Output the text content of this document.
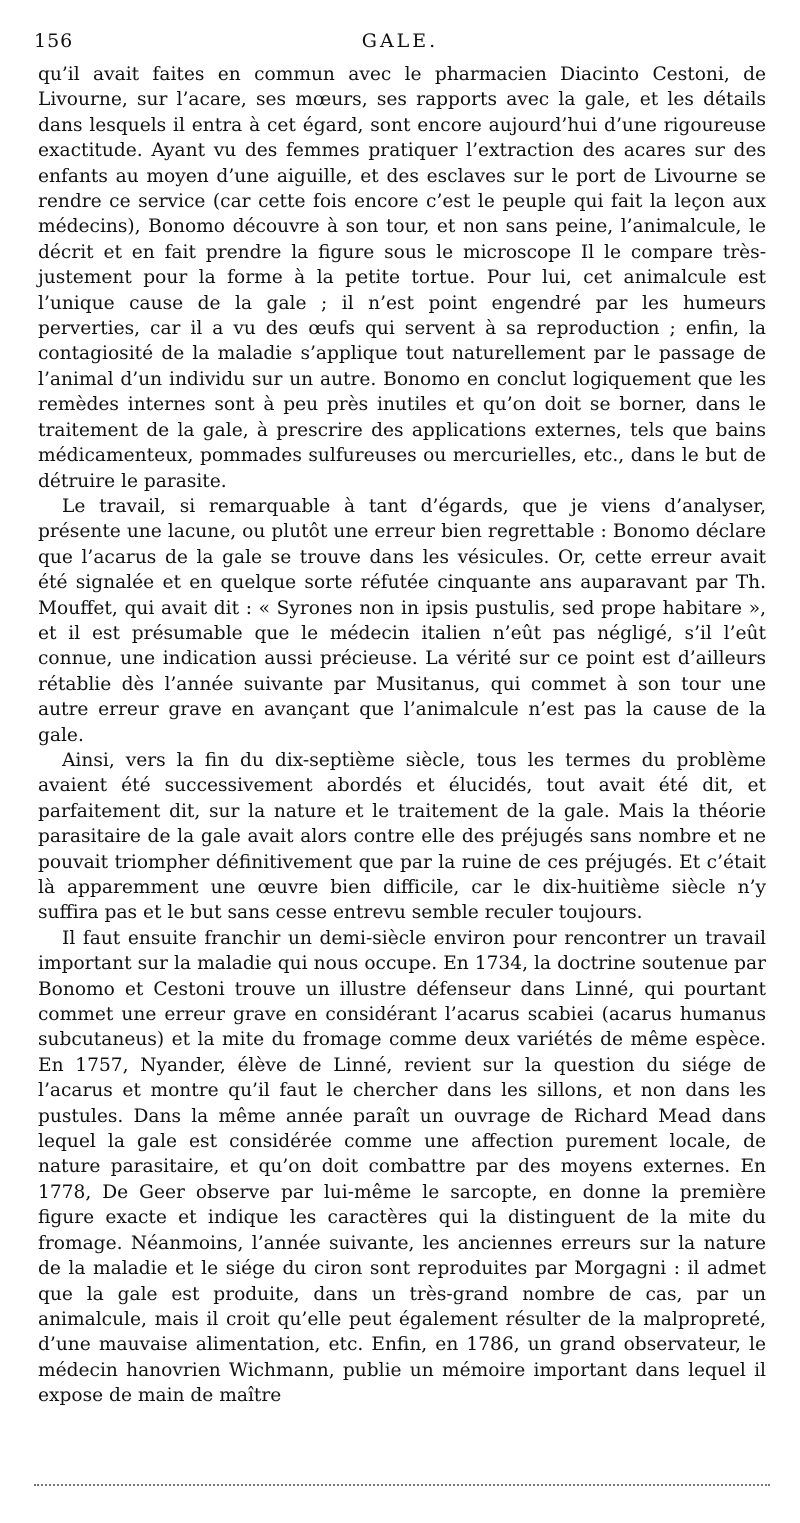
156	GALE.

qu’il avait faites en commun avec le pharmacien Diacinto Cestoni, de Livourne, sur l’acare, ses mœurs, ses rapports avec la gale, et les détails dans lesquels il entra à cet égard, sont encore aujourd’hui d’une rigoureuse exactitude. Ayant vu des femmes pratiquer l’extraction des acares sur des enfants au moyen d’une aiguille, et des esclaves sur le port de Livourne se rendre ce service (car cette fois encore c’est le peuple qui fait la leçon aux médecins), Bonomo découvre à son tour, et non sans peine, l’animalcule, le décrit et en fait prendre la figure sous le microscope Il le compare très-justement pour la forme à la petite tortue. Pour lui, cet animalcule est l’unique cause de la gale ; il n’est point engendré par les humeurs perverties, car il a vu des œufs qui servent à sa reproduction ; enfin, la contagiosité de la maladie s’applique tout naturellement par le passage de l’animal d’un individu sur un autre. Bonomo en conclut logiquement que les remèdes internes sont à peu près inutiles et qu’on doit se borner, dans le traitement de la gale, à prescrire des applications externes, tels que bains médicamenteux, pommades sulfureuses ou mercurielles, etc., dans le but de détruire le parasite.

Le travail, si remarquable à tant d’égards, que je viens d’analyser, présente une lacune, ou plutôt une erreur bien regrettable : Bonomo déclare que l’acarus de la gale se trouve dans les vésicules. Or, cette erreur avait été signalée et en quelque sorte réfutée cinquante ans auparavant par Th. Mouffet, qui avait dit : « Syrones non in ipsis pustulis, sed prope habitare », et il est présumable que le médecin italien n’eût pas négligé, s’il l’eût connue, une indication aussi précieuse. La vérité sur ce point est d’ailleurs rétablie dès l’année suivante par Musitanus, qui commet à son tour une autre erreur grave en avançant que l’animalcule n’est pas la cause de la gale.

Ainsi, vers la fin du dix-septième siècle, tous les termes du problème avaient été successivement abordés et élucidés, tout avait été dit, et parfaitement dit, sur la nature et le traitement de la gale. Mais la théorie parasitaire de la gale avait alors contre elle des préjugés sans nombre et ne pouvait triompher définitivement que par la ruine de ces préjugés. Et c’était là apparemment une œuvre bien difficile, car le dix-huitième siècle n’y suffira pas et le but sans cesse entrevu semble reculer toujours.

Il faut ensuite franchir un demi-siècle environ pour rencontrer un travail important sur la maladie qui nous occupe. En 1734, la doctrine soutenue par Bonomo et Cestoni trouve un illustre défenseur dans Linné, qui pourtant commet une erreur grave en considérant l’acarus scabiei (acarus humanus subcutaneus) et la mite du fromage comme deux variétés de même espèce. En 1757, Nyander, élève de Linné, revient sur la question du siége de l’acarus et montre qu’il faut le chercher dans les sillons, et non dans les pustules. Dans la même année paraît un ouvrage de Richard Mead dans lequel la gale est considérée comme une affection purement locale, de nature parasitaire, et qu’on doit combattre par des moyens externes. En 1778, De Geer observe par lui-même le sarcopte, en donne la première figure exacte et indique les caractères qui la distinguent de la mite du fromage. Néanmoins, l’année suivante, les anciennes erreurs sur la nature de la maladie et le siége du ciron sont reproduites par Morgagni : il admet que la gale est produite, dans un très-grand nombre de cas, par un animalcule, mais il croit qu’elle peut également résulter de la malpropreté, d’une mauvaise alimentation, etc. Enfin, en 1786, un grand observateur, le médecin hanovrien Wichmann, publie un mémoire important dans lequel il expose de main de maître
